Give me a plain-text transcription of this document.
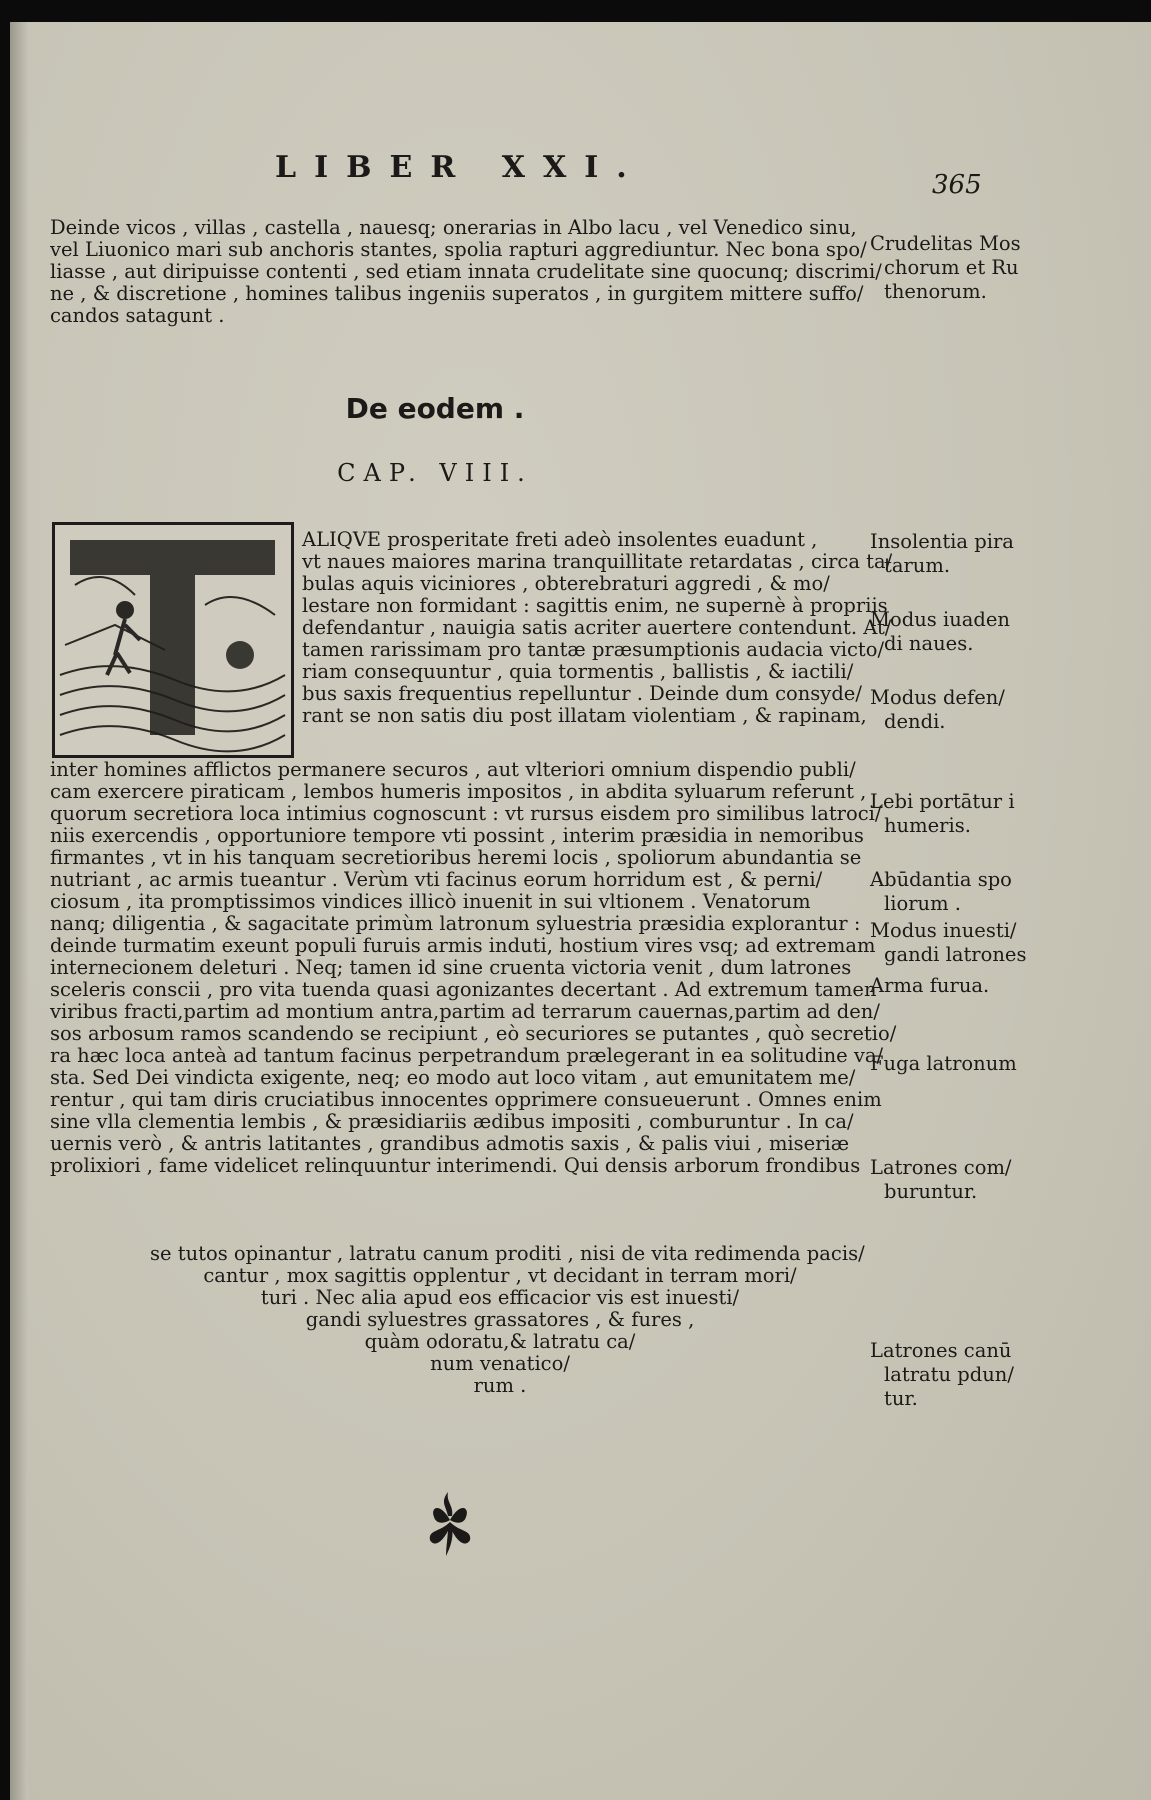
LIBER XXI.	365
Deinde vicos , villas , castella , nauesq; onerarias in Albo lacu , vel Venedico sinu,
vel Liuonico mari sub anchoris stantes, spolia rapturi aggrediuntur. Nec bona spo/
liasse , aut diripuisse contenti , sed etiam innata crudelitate sine quocunq; discrimi/
ne , & discretione , homines talibus ingeniis superatos , in gurgitem mittere suffo/
candos satagunt .
De eodem .
CAP. VIII.
ALIQVE prosperitate freti adeò insolentes euadunt ,
vt naues maiores marina tranquillitate retardatas , circa ta/
bulas aquis viciniores , obterebraturi aggredi , & mo/
lestare non formidant : sagittis enim, ne supernè à propriis
defendantur , nauigia satis acriter auertere contendunt. At/
tamen rarissimam pro tantæ præsumptionis audacia victo/
riam consequuntur , quia tormentis , ballistis , & iactili/
bus saxis frequentius repelluntur . Deinde dum consyde/
rant se non satis diu post illatam violentiam , & rapinam,
inter homines afflictos permanere securos , aut vlteriori omnium dispendio publi/
cam exercere piraticam , lembos humeris impositos , in abdita syluarum referunt ,
quorum secretiora loca intimius cognoscunt : vt rursus eisdem pro similibus latroci/
niis exercendis , opportuniore tempore vti possint , interim præsidia in nemoribus
firmantes , vt in his tanquam secretioribus heremi locis , spoliorum abundantia se
nutriant , ac armis tueantur . Verùm vti facinus eorum horridum est , & perni/
ciosum , ita promptissimos vindices illicò inuenit in sui vltionem . Venatorum
nanq; diligentia , & sagacitate primùm latronum syluestria præsidia explorantur :
deinde turmatim exeunt populi furuis armis induti, hostium vires vsq; ad extremam
internecionem deleturi . Neq; tamen id sine cruenta victoria venit , dum latrones
sceleris conscii , pro vita tuenda quasi agonizantes decertant . Ad extremum tamen
viribus fracti,partim ad montium antra,partim ad terrarum cauernas,partim ad den/
sos arbosum ramos scandendo se recipiunt , eò securiores se putantes , quò secretio/
ra hæc loca anteà ad tantum facinus perpetrandum prælegerant in ea solitudine va/
sta. Sed Dei vindicta exigente, neq; eo modo aut loco vitam , aut emunitatem me/
rentur , qui tam diris cruciatibus innocentes opprimere consueuerunt . Omnes enim
sine vlla clementia lembis , & præsidiariis ædibus impositi , comburuntur . In ca/
uernis verò , & antris latitantes , grandibus admotis saxis , & palis viui , miseriæ
prolixiori , fame videlicet relinquuntur interimendi. Qui densis arborum frondibus
se tutos opinantur , latratu canum proditi , nisi de vita redimenda pacis/
cantur , mox sagittis opplentur , vt decidant in terram mori/
turi . Nec alia apud eos efficacior vis est inuesti/
gandi syluestres grassatores , & fures ,
quàm odoratu,& latratu ca/
num venatico/
rum .
Crudelitas Mos
chorum et Ru
thenorum.
Insolentia pira
tarum.
Modus iuaden
di naues.
Modus defen/
dendi.
Lebi portātur i
humeris.
Abūdantia spo
liorum .
Modus inuesti/
gandi latrones
Arma furua.
Fuga latronum
Latrones com/
buruntur.
Latrones canū
latratu pdun/
tur.
